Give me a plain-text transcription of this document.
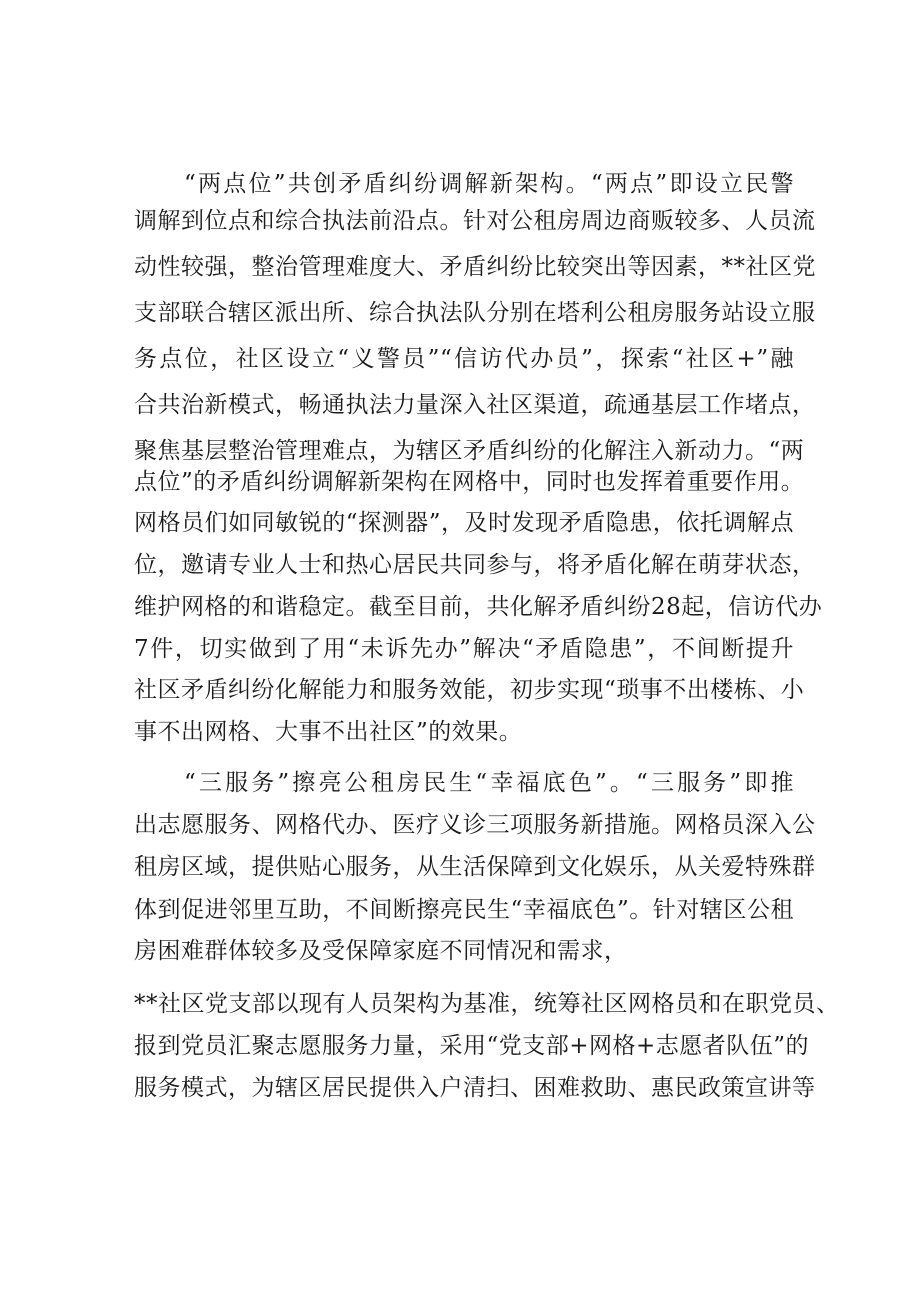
“两点位”共创矛盾纠纷调解新架构。“两点”即设立民警
调解到位点和综合执法前沿点。针对公租房周边商贩较多、人员流
动性较强，整治管理难度大、矛盾纠纷比较突出等因素，**社区党
支部联合辖区派出所、综合执法队分别在塔利公租房服务站设立服
务点位，社区设立“义警员”“信访代办员”，探索“社区+”融
合共治新模式，畅通执法力量深入社区渠道，疏通基层工作堵点，
聚焦基层整治管理难点，为辖区矛盾纠纷的化解注入新动力。“两
点位”的矛盾纠纷调解新架构在网格中，同时也发挥着重要作用。
网格员们如同敏锐的“探测器”，及时发现矛盾隐患，依托调解点
位，邀请专业人士和热心居民共同参与，将矛盾化解在萌芽状态，
维护网格的和谐稳定。截至目前，共化解矛盾纠纷28起，信访代办
7件，切实做到了用“未诉先办”解决“矛盾隐患”，不间断提升
社区矛盾纠纷化解能力和服务效能，初步实现“琐事不出楼栋、小
事不出网格、大事不出社区”的效果。
“三服务”擦亮公租房民生“幸福底色”。“三服务”即推
出志愿服务、网格代办、医疗义诊三项服务新措施。网格员深入公
租房区域，提供贴心服务，从生活保障到文化娱乐，从关爱特殊群
体到促进邻里互助，不间断擦亮民生“幸福底色”。针对辖区公租
房困难群体较多及受保障家庭不同情况和需求，
**社区党支部以现有人员架构为基准，统筹社区网格员和在职党员、
报到党员汇聚志愿服务力量，采用“党支部+网格+志愿者队伍”的
服务模式，为辖区居民提供入户清扫、困难救助、惠民政策宣讲等
